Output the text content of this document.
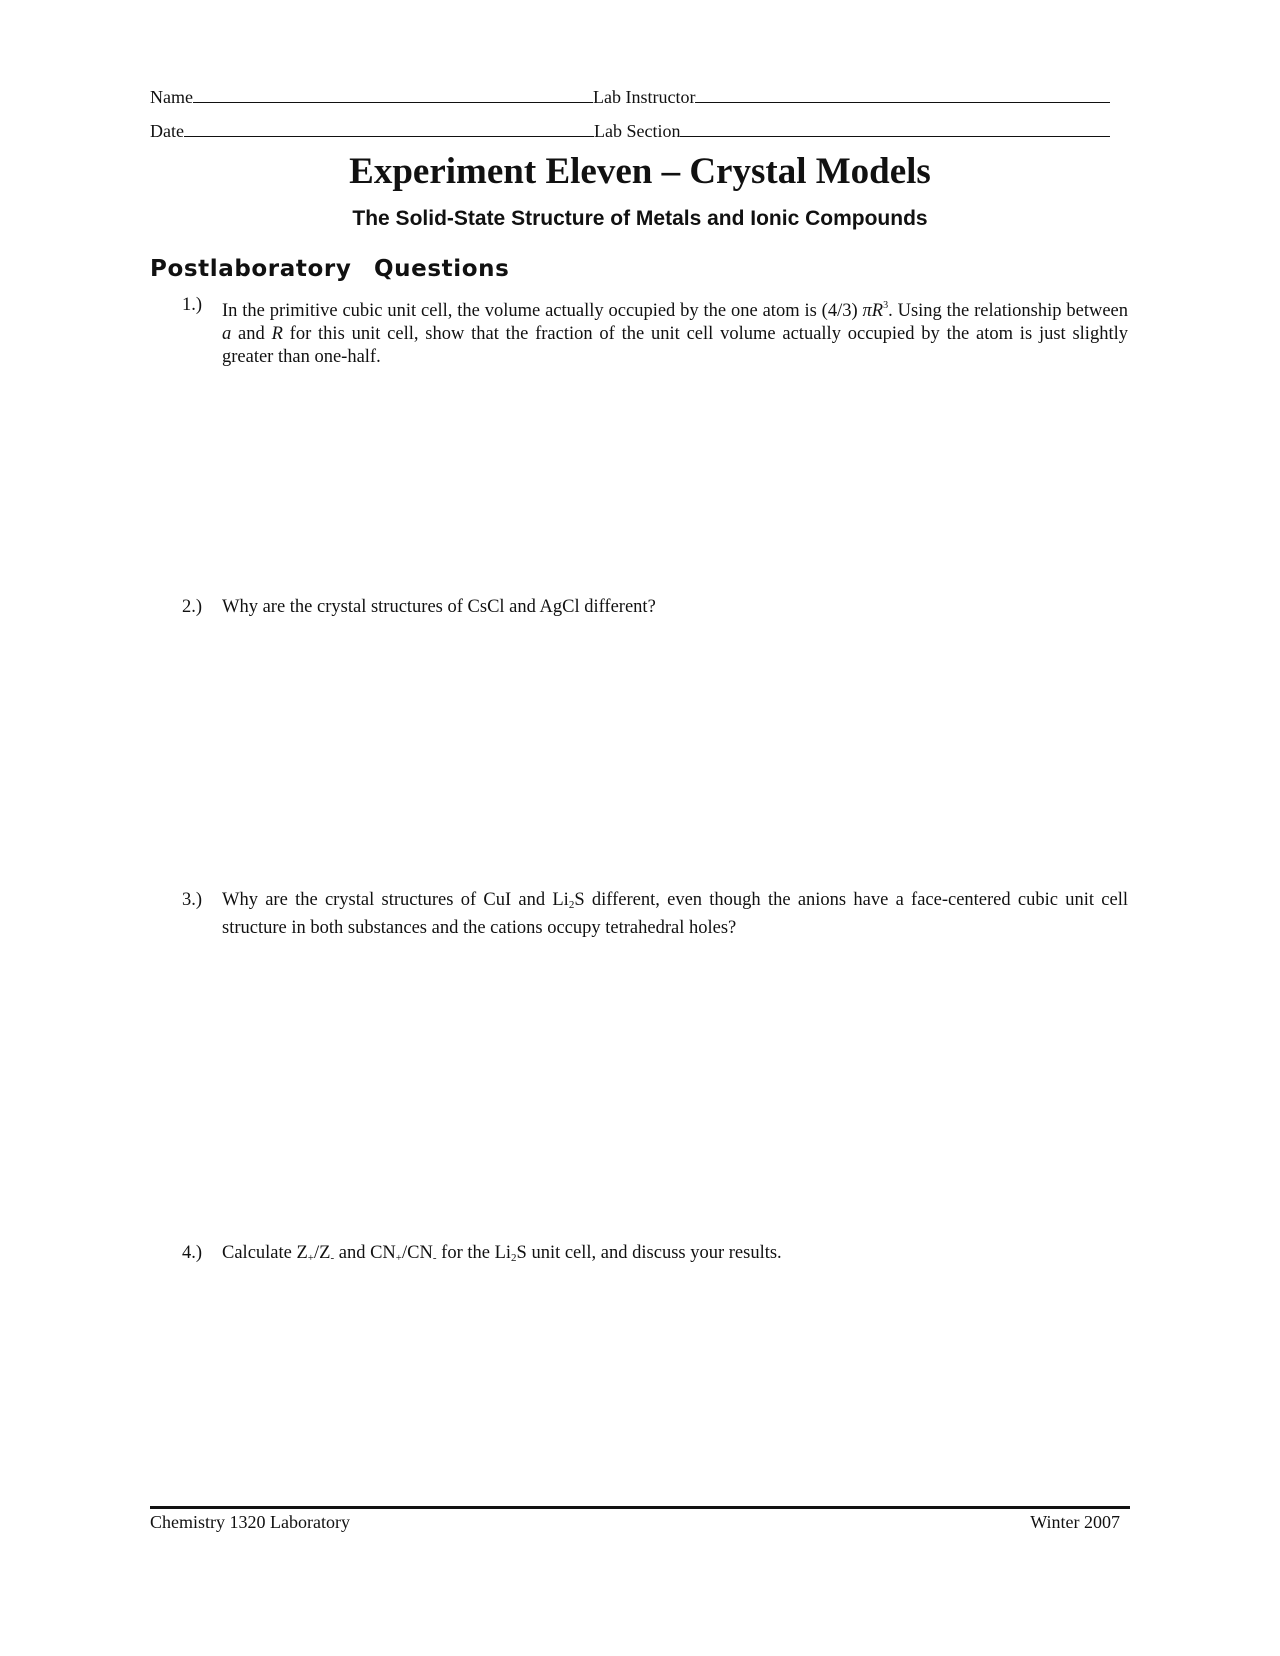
Name	Lab Instructor
Date	Lab Section
Experiment Eleven – Crystal Models
The Solid-State Structure of Metals and Ionic Compounds
Postlaboratory Questions
1.)	In the primitive cubic unit cell, the volume actually occupied by the one atom is (4/3) $\pi R^3$. Using the relationship between a and R for this unit cell, show that the fraction of the unit cell volume actually occupied by the atom is just slightly greater than one-half.
2.)	Why are the crystal structures of CsCl and AgCl different?
3.)	Why are the crystal structures of CuI and $Li_2S$ different, even though the anions have a face-centered cubic unit cell structure in both substances and the cations occupy tetrahedral holes?
4.)	Calculate $Z_+/Z_-$ and $CN_+/CN_-$ for the $Li_2S$ unit cell, and discuss your results.
Chemistry 1320 Laboratory	Winter 2007
